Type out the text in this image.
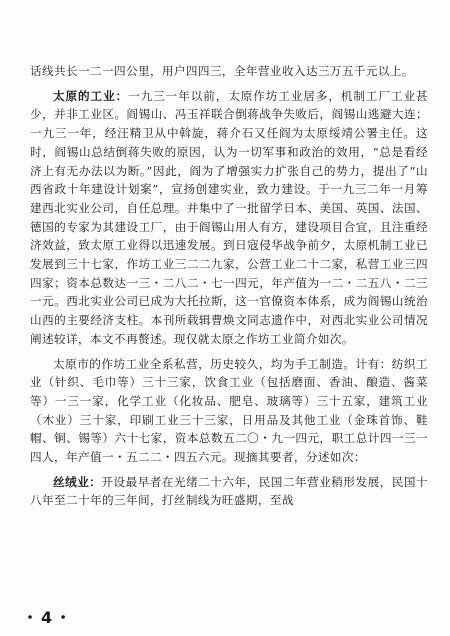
话线共长一二一四公里，用户四四三，全年营业收入达三万五千元以上。

太原的工业：一九三一年以前，太原作坊工业居多，机制工厂工业甚少，并非工业区。阎锡山、冯玉祥联合倒蒋战争失败后，阎锡山逃避大连；一九三一年，经汪精卫从中斡旋，蒋介石又任阎为太原绥靖公署主任。这时，阎锡山总结倒蒋失败的原因，认为一切军事和政治的效用，“总是看经济上有无办法以为断。”因此，阎为了增强实力扩张自己的势力，提出了“山西省政十年建设计划案”，宣扬创建实业，致力建设。于一九三二年一月筹建西北实业公司，自任总理。并集中了一批留学日本、美国、英国、法国、德国的专家为其建设工厂，由于阎锡山用人有方，建设项目合宜，且注重经济效益，致太原工业得以迅速发展。到日寇侵华战争前夕，太原机制工业已发展到三十七家，作坊工业三二二九家，公营工业二十二家，私营工业三四四家；资本总数达一三・二八二・七一四元，年产值为一二・二五八・二三一元。西北实业公司已成为大托拉斯，这一官僚资本体系，成为阎锡山统治山西的主要经济支柱。本刊所载辑曹焕文同志遗作中，对西北实业公司情况阐述较详，本文不再赘述。现仅就太原之作坊工业简介如次。

太原市的作坊工业全系私营，历史较久，均为手工制造。计有：纺织工业（针织、毛巾等）三十三家，饮食工业（包括磨面、香油、酿造、酱菜等）一三一家，化学工业（化妆品、肥皂、玻璃等）三十五家，建筑工业（木业）三十家，印刷工业三十三家，日用品及其他工业（金珠首饰、鞋帽、铜、锡等）六十七家，资本总数五二〇・九一四元，职工总计四一三一四人，年产值一・五二二・四五六元。现摘其要者，分述如次：

丝绒业：开设最早者在光绪二十六年，民国二年营业稍形发展，民国十八年至二十年的三年间，打丝制线为旺盛期，至战

・4・
